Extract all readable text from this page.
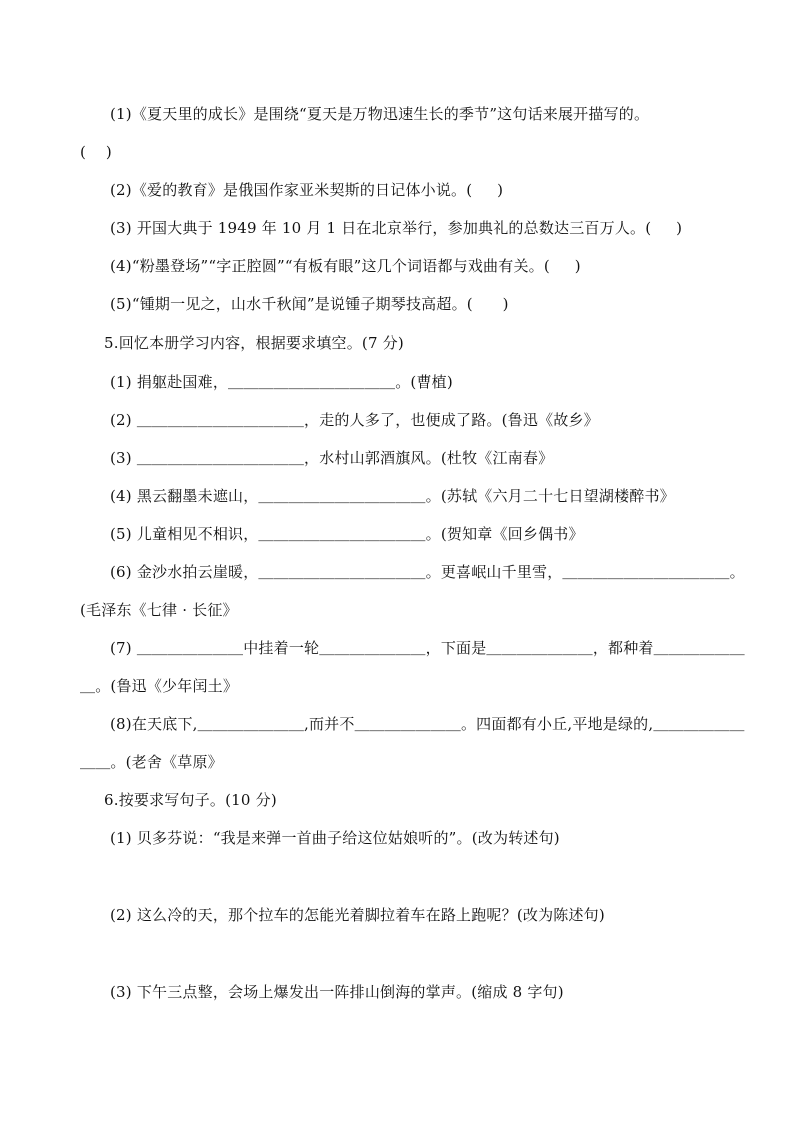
(1)《夏天里的成长》是围绕“夏天是万物迅速生长的季节”这句话来展开描写的。
(    )
(2)《爱的教育》是俄国作家亚米契斯的日记体小说。(     )
(3) 开国大典于 1949 年 10 月 1 日在北京举行，参加典礼的总数达三百万人。(     )
(4)“粉墨登场”“字正腔圆”“有板有眼”这几个词语都与戏曲有关。(     )
(5)“锺期一见之，山水千秋闻”是说锺子期琴技高超。(      )
5.回忆本册学习内容，根据要求填空。(7 分)
(1) 捐躯赴国难，＿＿＿＿＿＿＿＿＿＿＿。(曹植)
(2) ＿＿＿＿＿＿＿＿＿＿＿，走的人多了，也便成了路。(鲁迅《故乡》
(3) ＿＿＿＿＿＿＿＿＿＿＿，水村山郭酒旗风。(杜牧《江南春》
(4) 黑云翻墨未遮山，＿＿＿＿＿＿＿＿＿＿＿。(苏轼《六月二十七日望湖楼醉书》
(5) 儿童相见不相识，＿＿＿＿＿＿＿＿＿＿＿。(贺知章《回乡偶书》
(6) 金沙水拍云崖暖，＿＿＿＿＿＿＿＿＿＿＿。更喜岷山千里雪，＿＿＿＿＿＿＿＿＿＿＿。
(毛泽东《七律 · 长征》
(7) ＿＿＿＿＿＿＿中挂着一轮＿＿＿＿＿＿＿，下面是＿＿＿＿＿＿＿，都种着＿＿＿＿＿＿
＿。(鲁迅《少年闰土》
(8)在天底下,＿＿＿＿＿＿＿,而并不＿＿＿＿＿＿＿。四面都有小丘,平地是绿的,＿＿＿＿＿＿
＿＿。(老舍《草原》
6.按要求写句子。(10 分)
(1) 贝多芬说：“我是来弹一首曲子给这位姑娘听的”。(改为转述句)
(2) 这么冷的天，那个拉车的怎能光着脚拉着车在路上跑呢？(改为陈述句)
(3) 下午三点整，会场上爆发出一阵排山倒海的掌声。(缩成 8 字句)
